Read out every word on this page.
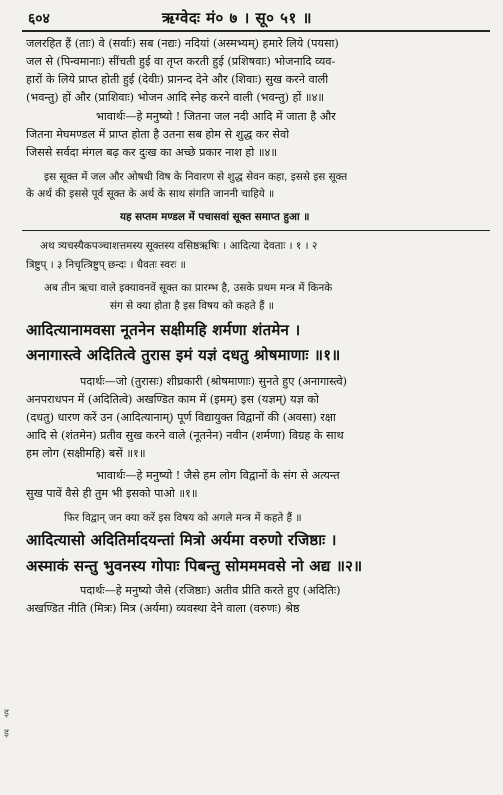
६०४	ऋग्वेदः मं० ७ । सू० ५१ ॥
जलरहित हैं (ताः) वे (सर्वाः) सब (नद्यः) नदियां (अस्मभ्यम्) हमारे लिये (पयसा)
जल से (पिन्वमानाः) सींचती हुई वा तृप्त करती हुई (प्रशिषवाः) भोजनादि व्यव-
हारों के लिये प्राप्त होती हुई (देवीः) प्रानन्द देने और (शिवाः) सुख करने वाली
(भवन्तु) हों और (प्राशिवाः) भोजन आदि स्नेह करने वाली (भवन्तु) हों ॥४॥
भावार्थः—हे मनुष्यो ! जितना जल नदी आदि में जाता है और
जितना मेघमण्डल में प्राप्त होता है उतना सब होम से शुद्ध कर सेवो
जिससे सर्वदा मंगल बढ़ कर दुःख का अच्छे प्रकार नाश हो ॥४॥
इस सूक्त में जल और ओषधी विष के निवारण से शुद्ध सेवन कहा, इससे इस सूक्त
के अर्थ की इससे पूर्व सूक्त के अर्थ के साथ संगति जाननी चाहिये ॥
यह सप्तम मण्डल में पचासवां सूक्त समाप्त हुआ ॥
अथ त्र्यचस्यैकपञ्चाशत्तमस्य सूक्तस्य वसिष्ठऋषिः । आदित्या देवताः । १ । २
त्रिष्टुप् । ३ निचृत्त्रिष्टुप् छन्दः । धैवतः स्वरः ॥
अब तीन ऋचा वाले इक्यावनवें सूक्त का प्रारम्भ है, उसके प्रथम मन्त्र में किनके
संग से क्या होता है इस विषय को कहते हैं ॥
आदित्यानामवसा नूतनेन सक्षीमहि शर्मणा शंतमेन ।
अनागास्त्वे अदितित्वे तुरास इमं यज्ञं दधतु श्रोषमाणाः ॥१॥
पदार्थः—जो (तुरासः) शीघ्रकारी (श्रोषमाणाः) सुनते हुए (अनागास्त्वे)
अनपराधपन में (अदितित्वे) अखण्डित काम में (इमम्) इस (यज्ञम्) यज्ञ को
(दधतु) धारण करें उन (आदित्यानाम्) पूर्ण विद्यायुक्त विद्वानों की (अवसा) रक्षा
आदि से (शंतमेन) प्रतीव सुख करने वाले (नूतनेन) नवीन (शर्मणा) विग्रह के साथ
हम लोग (सक्षीमहि) बसें ॥१॥
भावार्थः—हे मनुष्यो ! जैसे हम लोग विद्वानों के संग से अत्यन्त
सुख पावें वैसे ही तुम भी इसको पाओ ॥१॥
फिर विद्वान् जन क्या करें इस विषय को अगले मन्त्र में कहते हैं ॥
आदित्यासो अदितिर्मादयन्तां मित्रो अर्यमा वरुणो रजिष्ठाः ।
अस्माकं सन्तु भुवनस्य गोपाः पिबन्तु सोमममवसे नो अद्य ॥२॥
पदार्थः—हे मनुष्यो जैसे (रजिष्ठाः) अतीव प्रीति करते हुए (अदितिः)
अखण्डित नीति (मित्रः) मित्र (अर्यमा) व्यवस्था देने वाला (वरुणः) श्रेष्ठ
इ
इ
